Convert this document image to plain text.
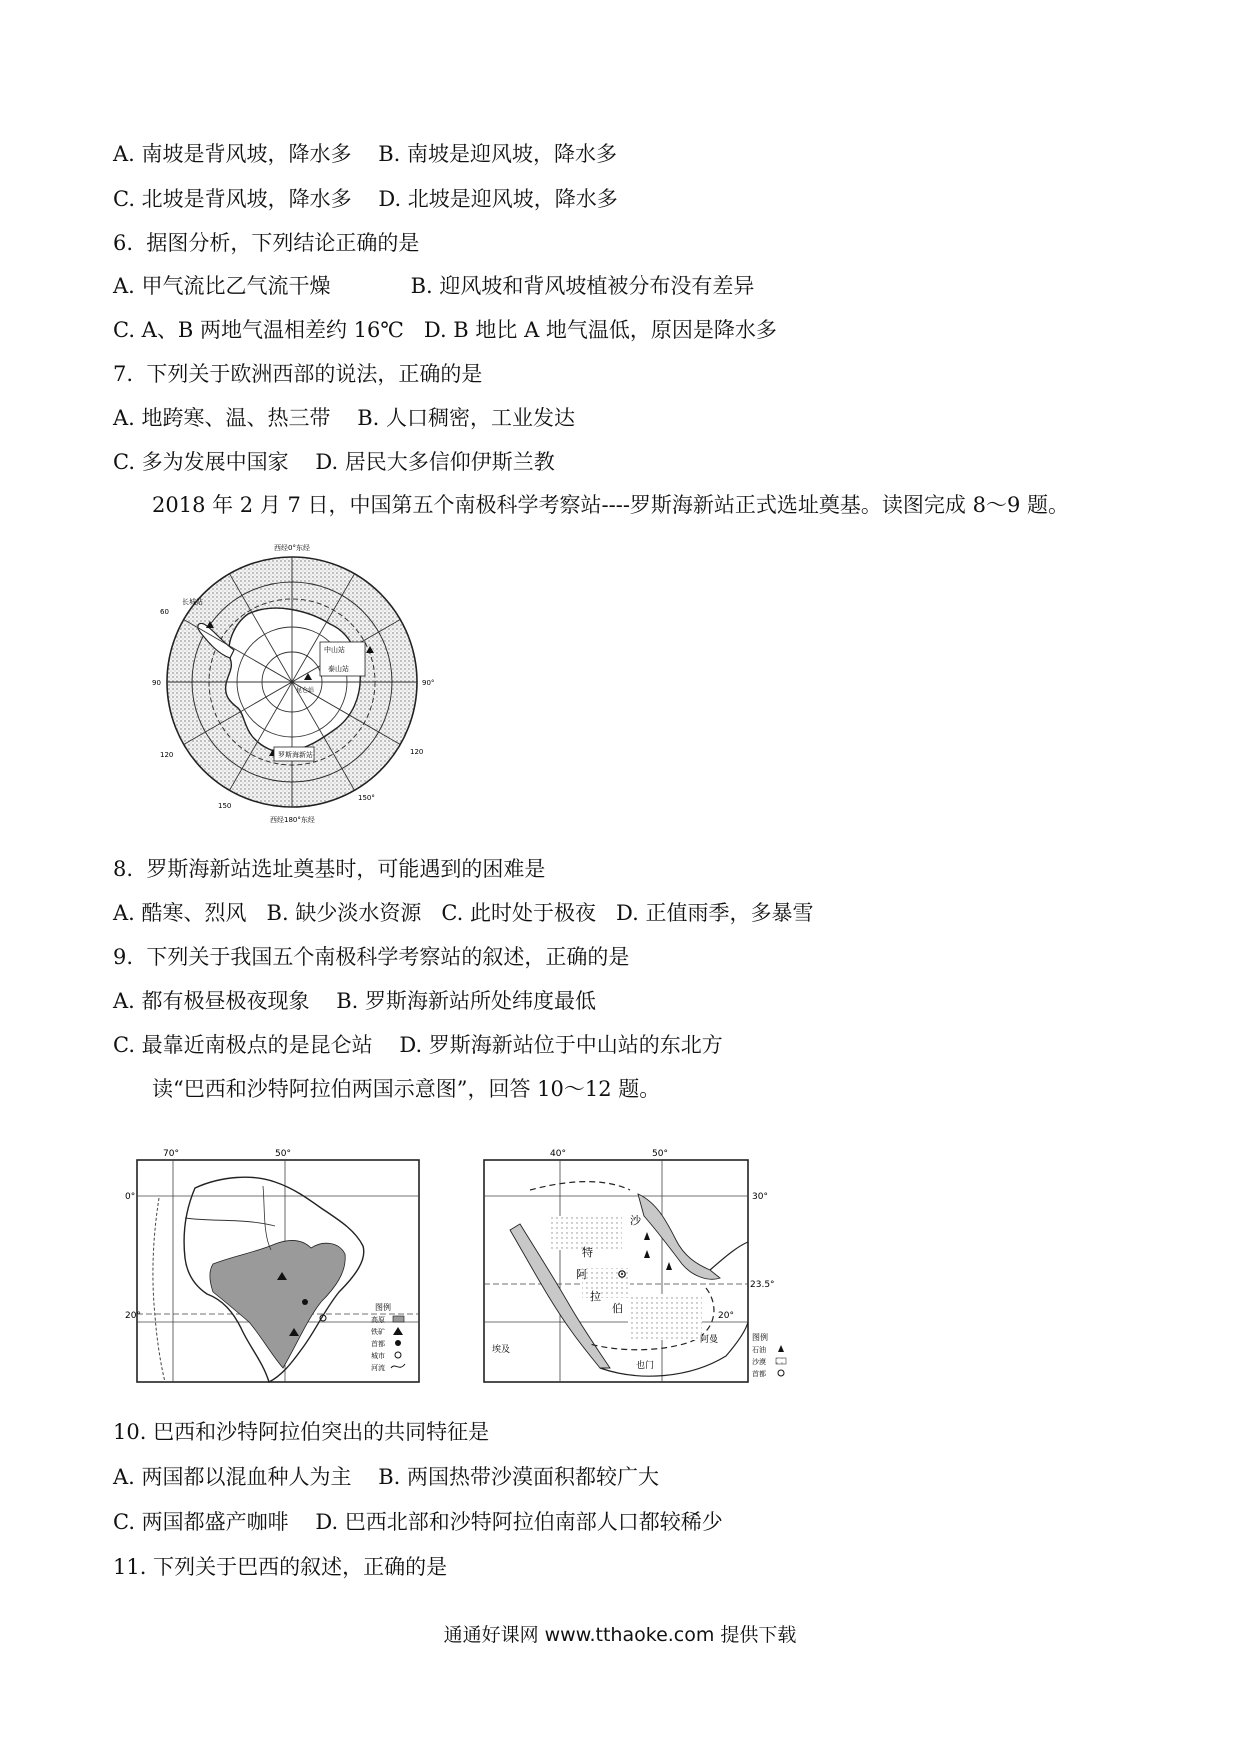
A. 南坡是背风坡，降水多    B. 南坡是迎风坡，降水多
C. 北坡是背风坡，降水多    D. 北坡是迎风坡，降水多
6.  据图分析，下列结论正确的是
A. 甲气流比乙气流干燥            B. 迎风坡和背风坡植被分布没有差异
C. A、B 两地气温相差约 16℃   D. B 地比 A 地气温低，原因是降水多
7.  下列关于欧洲西部的说法，正确的是
A. 地跨寒、温、热三带    B. 人口稠密，工业发达
C. 多为发展中国家    D. 居民大多信仰伊斯兰教
2018 年 2 月 7 日，中国第五个南极科学考察站----罗斯海新站正式选址奠基。读图完成 8～9 题。
西经0°东经
西经180°东经
60
90
120
150
90°
120
150°
长城站
中山站
泰山站
昆仑站
罗斯海新站
8.  罗斯海新站选址奠基时，可能遇到的困难是
A. 酷寒、烈风   B. 缺少淡水资源   C. 此时处于极夜   D. 正值雨季，多暴雪
9.  下列关于我国五个南极科学考察站的叙述，正确的是
A. 都有极昼极夜现象    B. 罗斯海新站所处纬度最低
C. 最靠近南极点的是昆仑站    D. 罗斯海新站位于中山站的东北方
读“巴西和沙特阿拉伯两国示意图”，回答 10～12 题。
图例
高原
铁矿
首都
城市
河流
70°	50°
0°
20°
沙
特
阿
拉
伯
埃及
也门
阿曼
40°	50°
30°
23.5°
20°
图例
石油
沙漠
首都
10. 巴西和沙特阿拉伯突出的共同特征是
A. 两国都以混血种人为主    B. 两国热带沙漠面积都较广大
C. 两国都盛产咖啡    D. 巴西北部和沙特阿拉伯南部人口都较稀少
11. 下列关于巴西的叙述，正确的是
通通好课网 www.tthaoke.com 提供下载
